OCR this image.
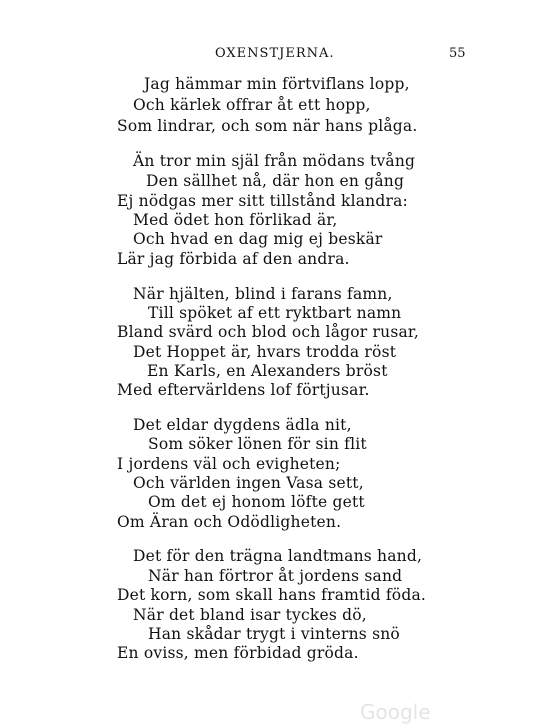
OXENSTJERNA.	55
Jag hämmar min förtviflans lopp,
Och kärlek offrar åt ett hopp,
Som lindrar, och som när hans plåga.
Än tror min själ från mödans tvång
Den sällhet nå, där hon en gång
Ej nödgas mer sitt tillstånd klandra:
Med ödet hon förlikad är,
Och hvad en dag mig ej beskär
Lär jag förbida af den andra.
När hjälten, blind i farans famn,
Till spöket af ett ryktbart namn
Bland svärd och blod och lågor rusar,
Det Hoppet är, hvars trodda röst
En Karls, en Alexanders bröst
Med eftervärldens lof förtjusar.
Det eldar dygdens ädla nit,
Som söker lönen för sin flit
I jordens väl och evigheten;
Och världen ingen Vasa sett,
Om det ej honom löfte gett
Om Äran och Odödligheten.
Det för den trägna landtmans hand,
När han förtror åt jordens sand
Det korn, som skall hans framtid föda.
När det bland isar tyckes dö,
Han skådar trygt i vinterns snö
En oviss, men förbidad gröda.
Google
